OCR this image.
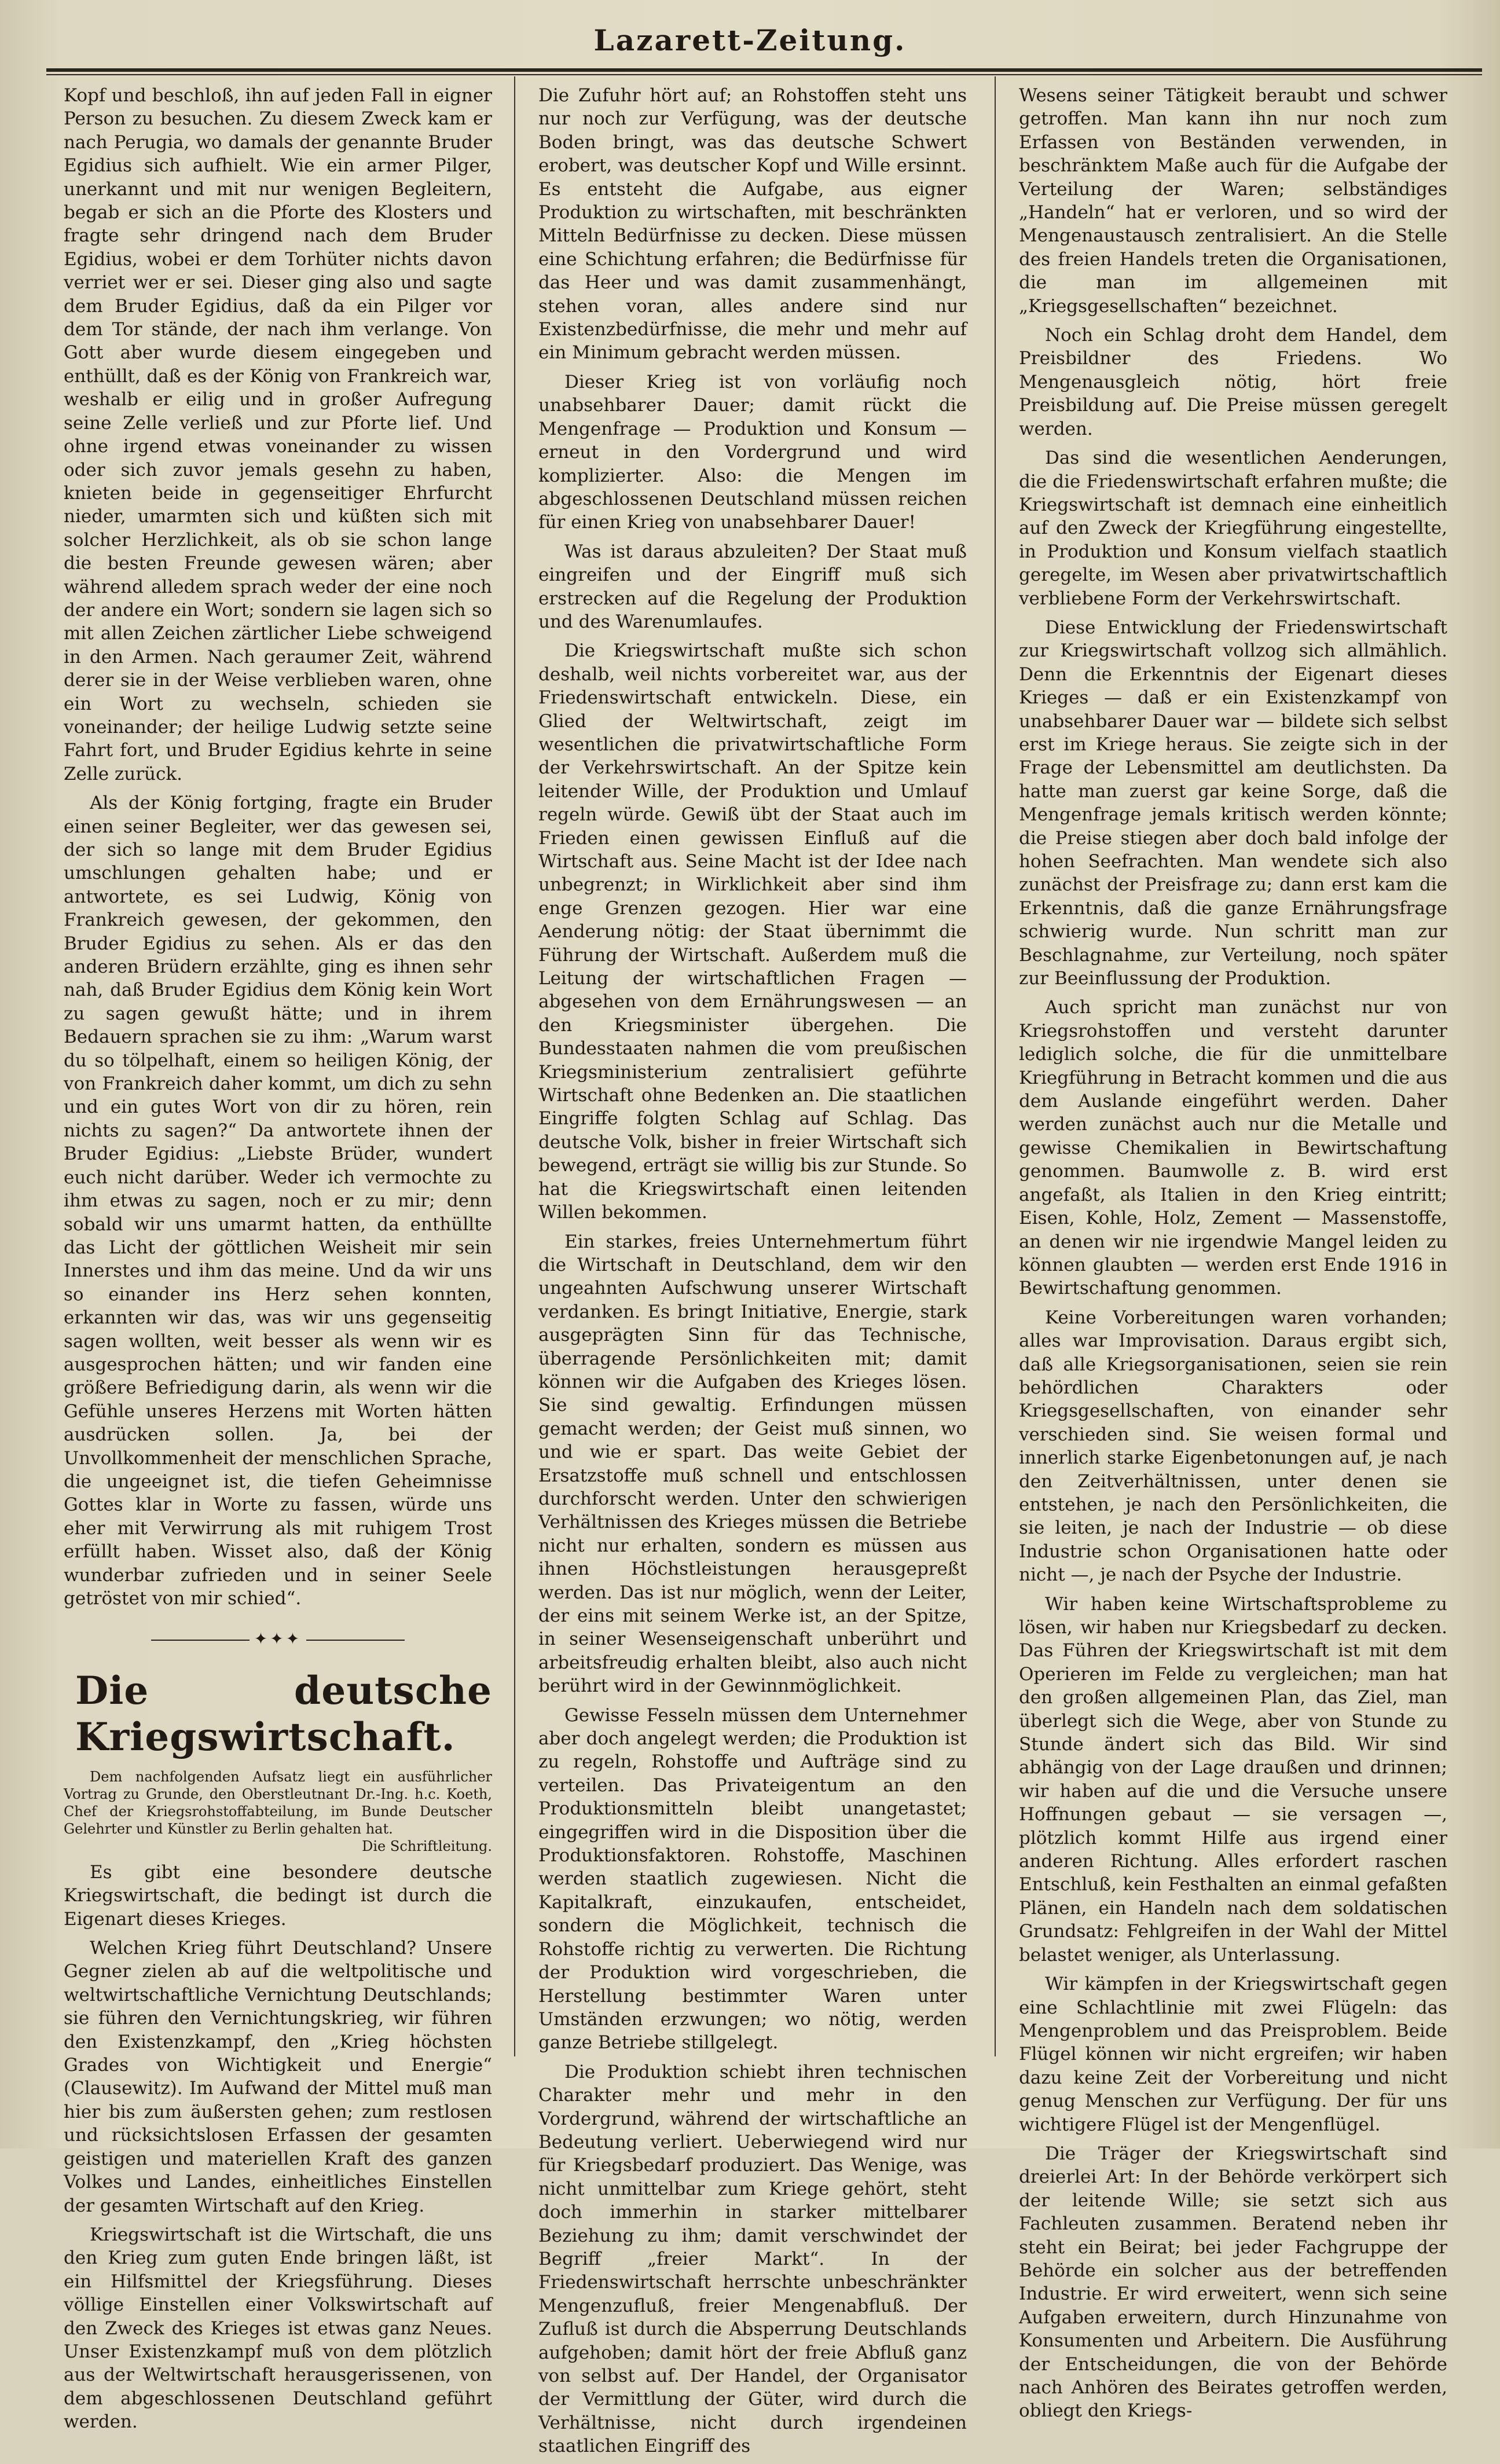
Lazarett-Zeitung.

Kopf und beschloß, ihn auf jeden Fall in eigner Person zu besuchen. Zu diesem Zweck kam er nach Perugia, wo damals der genannte Bruder Egidius sich aufhielt. Wie ein armer Pilger, unerkannt und mit nur wenigen Begleitern, begab er sich an die Pforte des Klosters und fragte sehr dringend nach dem Bruder Egidius, wobei er dem Torhüter nichts davon verriet wer er sei. Dieser ging also und sagte dem Bruder Egidius, daß da ein Pilger vor dem Tor stände, der nach ihm verlange. Von Gott aber wurde diesem eingegeben und enthüllt, daß es der König von Frankreich war, weshalb er eilig und in großer Aufregung seine Zelle verließ und zur Pforte lief. Und ohne irgend etwas voneinander zu wissen oder sich zuvor jemals gesehn zu haben, knieten beide in gegenseitiger Ehrfurcht nieder, umarmten sich und küßten sich mit solcher Herzlichkeit, als ob sie schon lange die besten Freunde gewesen wären; aber während alledem sprach weder der eine noch der andere ein Wort; sondern sie lagen sich so mit allen Zeichen zärtlicher Liebe schweigend in den Armen. Nach geraumer Zeit, während derer sie in der Weise verblieben waren, ohne ein Wort zu wechseln, schieden sie voneinander; der heilige Ludwig setzte seine Fahrt fort, und Bruder Egidius kehrte in seine Zelle zurück.

Als der König fortging, fragte ein Bruder einen seiner Begleiter, wer das gewesen sei, der sich so lange mit dem Bruder Egidius umschlungen gehalten habe; und er antwortete, es sei Ludwig, König von Frankreich gewesen, der gekommen, den Bruder Egidius zu sehen. Als er das den anderen Brüdern erzählte, ging es ihnen sehr nah, daß Bruder Egidius dem König kein Wort zu sagen gewußt hätte; und in ihrem Bedauern sprachen sie zu ihm: „Warum warst du so tölpelhaft, einem so heiligen König, der von Frankreich daher kommt, um dich zu sehn und ein gutes Wort von dir zu hören, rein nichts zu sagen?“ Da antwortete ihnen der Bruder Egidius: „Liebste Brüder, wundert euch nicht darüber. Weder ich vermochte zu ihm etwas zu sagen, noch er zu mir; denn sobald wir uns umarmt hatten, da enthüllte das Licht der göttlichen Weisheit mir sein Innerstes und ihm das meine. Und da wir uns so einander ins Herz sehen konnten, erkannten wir das, was wir uns gegenseitig sagen wollten, weit besser als wenn wir es ausgesprochen hätten; und wir fanden eine größere Befriedigung darin, als wenn wir die Gefühle unseres Herzens mit Worten hätten ausdrücken sollen. Ja, bei der Unvollkommenheit der menschlichen Sprache, die ungeeignet ist, die tiefen Geheimnisse Gottes klar in Worte zu fassen, würde uns eher mit Verwirrung als mit ruhigem Trost erfüllt haben. Wisset also, daß der König wunderbar zufrieden und in seiner Seele getröstet von mir schied“.

✦✦✦
Die deutsche Kriegswirtschaft.

Dem nachfolgenden Aufsatz liegt ein ausführlicher Vortrag zu Grunde, den Oberstleutnant Dr.-Ing. h.c. Koeth, Chef der Kriegsrohstoffabteilung, im Bunde Deutscher Gelehrter und Künstler zu Berlin gehalten hat.
Die Schriftleitung.

Es gibt eine besondere deutsche Kriegswirtschaft, die bedingt ist durch die Eigenart dieses Krieges.

Welchen Krieg führt Deutschland? Unsere Gegner zielen ab auf die weltpolitische und weltwirtschaftliche Vernichtung Deutschlands; sie führen den Vernichtungskrieg, wir führen den Existenzkampf, den „Krieg höchsten Grades von Wichtigkeit und Energie“ (Clausewitz). Im Aufwand der Mittel muß man hier bis zum äußersten gehen; zum restlosen und rücksichtslosen Erfassen der gesamten geistigen und materiellen Kraft des ganzen Volkes und Landes, einheitliches Einstellen der gesamten Wirtschaft auf den Krieg.

Kriegswirtschaft ist die Wirtschaft, die uns den Krieg zum guten Ende bringen läßt, ist ein Hilfsmittel der Kriegsführung. Dieses völlige Einstellen einer Volkswirtschaft auf den Zweck des Krieges ist etwas ganz Neues. Unser Existenzkampf muß von dem plötzlich aus der Weltwirtschaft herausgerissenen, von dem abgeschlossenen Deutschland geführt werden.

Die Zufuhr hört auf; an Rohstoffen steht uns nur noch zur Verfügung, was der deutsche Boden bringt, was das deutsche Schwert erobert, was deutscher Kopf und Wille ersinnt. Es entsteht die Aufgabe, aus eigner Produktion zu wirtschaften, mit beschränkten Mitteln Bedürfnisse zu decken. Diese müssen eine Schichtung erfahren; die Bedürfnisse für das Heer und was damit zusammenhängt, stehen voran, alles andere sind nur Existenzbedürfnisse, die mehr und mehr auf ein Minimum gebracht werden müssen.

Dieser Krieg ist von vorläufig noch unabsehbarer Dauer; damit rückt die Mengenfrage — Produktion und Konsum — erneut in den Vordergrund und wird komplizierter. Also: die Mengen im abgeschlossenen Deutschland müssen reichen für einen Krieg von unabsehbarer Dauer!

Was ist daraus abzuleiten? Der Staat muß eingreifen und der Eingriff muß sich erstrecken auf die Regelung der Produktion und des Warenumlaufes.

Die Kriegswirtschaft mußte sich schon deshalb, weil nichts vorbereitet war, aus der Friedenswirtschaft entwickeln. Diese, ein Glied der Weltwirtschaft, zeigt im wesentlichen die privatwirtschaftliche Form der Verkehrswirtschaft. An der Spitze kein leitender Wille, der Produktion und Umlauf regeln würde. Gewiß übt der Staat auch im Frieden einen gewissen Einfluß auf die Wirtschaft aus. Seine Macht ist der Idee nach unbegrenzt; in Wirklichkeit aber sind ihm enge Grenzen gezogen. Hier war eine Aenderung nötig: der Staat übernimmt die Führung der Wirtschaft. Außerdem muß die Leitung der wirtschaftlichen Fragen — abgesehen von dem Ernährungswesen — an den Kriegsminister übergehen. Die Bundesstaaten nahmen die vom preußischen Kriegsministerium zentralisiert geführte Wirtschaft ohne Bedenken an. Die staatlichen Eingriffe folgten Schlag auf Schlag. Das deutsche Volk, bisher in freier Wirtschaft sich bewegend, erträgt sie willig bis zur Stunde. So hat die Kriegswirtschaft einen leitenden Willen bekommen.

Ein starkes, freies Unternehmertum führt die Wirtschaft in Deutschland, dem wir den ungeahnten Aufschwung unserer Wirtschaft verdanken. Es bringt Initiative, Energie, stark ausgeprägten Sinn für das Technische, überragende Persönlichkeiten mit; damit können wir die Aufgaben des Krieges lösen. Sie sind gewaltig. Erfindungen müssen gemacht werden; der Geist muß sinnen, wo und wie er spart. Das weite Gebiet der Ersatzstoffe muß schnell und entschlossen durchforscht werden. Unter den schwierigen Verhältnissen des Krieges müssen die Betriebe nicht nur erhalten, sondern es müssen aus ihnen Höchstleistungen herausgepreßt werden. Das ist nur möglich, wenn der Leiter, der eins mit seinem Werke ist, an der Spitze, in seiner Wesenseigenschaft unberührt und arbeitsfreudig erhalten bleibt, also auch nicht berührt wird in der Gewinnmöglichkeit.

Gewisse Fesseln müssen dem Unternehmer aber doch angelegt werden; die Produktion ist zu regeln, Rohstoffe und Aufträge sind zu verteilen. Das Privateigentum an den Produktionsmitteln bleibt unangetastet; eingegriffen wird in die Disposition über die Produktionsfaktoren. Rohstoffe, Maschinen werden staatlich zugewiesen. Nicht die Kapitalkraft, einzukaufen, entscheidet, sondern die Möglichkeit, technisch die Rohstoffe richtig zu verwerten. Die Richtung der Produktion wird vorgeschrieben, die Herstellung bestimmter Waren unter Umständen erzwungen; wo nötig, werden ganze Betriebe stillgelegt.

Die Produktion schiebt ihren technischen Charakter mehr und mehr in den Vordergrund, während der wirtschaftliche an Bedeutung verliert. Ueberwiegend wird nur für Kriegsbedarf produziert. Das Wenige, was nicht unmittelbar zum Kriege gehört, steht doch immerhin in starker mittelbarer Beziehung zu ihm; damit verschwindet der Begriff „freier Markt“. In der Friedenswirtschaft herrschte unbeschränkter Mengenzufluß, freier Mengenabfluß. Der Zufluß ist durch die Absperrung Deutschlands aufgehoben; damit hört der freie Abfluß ganz von selbst auf. Der Handel, der Organisator der Vermittlung der Güter, wird durch die Verhältnisse, nicht durch irgendeinen staatlichen Eingriff des

Wesens seiner Tätigkeit beraubt und schwer getroffen. Man kann ihn nur noch zum Erfassen von Beständen verwenden, in beschränktem Maße auch für die Aufgabe der Verteilung der Waren; selbständiges „Handeln“ hat er verloren, und so wird der Mengenaustausch zentralisiert. An die Stelle des freien Handels treten die Organisationen, die man im allgemeinen mit „Kriegsgesellschaften“ bezeichnet.

Noch ein Schlag droht dem Handel, dem Preisbildner des Friedens. Wo Mengenausgleich nötig, hört freie Preisbildung auf. Die Preise müssen geregelt werden.

Das sind die wesentlichen Aenderungen, die die Friedenswirtschaft erfahren mußte; die Kriegswirtschaft ist demnach eine einheitlich auf den Zweck der Kriegführung eingestellte, in Produktion und Konsum vielfach staatlich geregelte, im Wesen aber privatwirtschaftlich verbliebene Form der Verkehrswirtschaft.

Diese Entwicklung der Friedenswirtschaft zur Kriegswirtschaft vollzog sich allmählich. Denn die Erkenntnis der Eigenart dieses Krieges — daß er ein Existenzkampf von unabsehbarer Dauer war — bildete sich selbst erst im Kriege heraus. Sie zeigte sich in der Frage der Lebensmittel am deutlichsten. Da hatte man zuerst gar keine Sorge, daß die Mengenfrage jemals kritisch werden könnte; die Preise stiegen aber doch bald infolge der hohen Seefrachten. Man wendete sich also zunächst der Preisfrage zu; dann erst kam die Erkenntnis, daß die ganze Ernährungsfrage schwierig wurde. Nun schritt man zur Beschlagnahme, zur Verteilung, noch später zur Beeinflussung der Produktion.

Auch spricht man zunächst nur von Kriegsrohstoffen und versteht darunter lediglich solche, die für die unmittelbare Kriegführung in Betracht kommen und die aus dem Auslande eingeführt werden. Daher werden zunächst auch nur die Metalle und gewisse Chemikalien in Bewirtschaftung genommen. Baumwolle z. B. wird erst angefaßt, als Italien in den Krieg eintritt; Eisen, Kohle, Holz, Zement — Massenstoffe, an denen wir nie irgendwie Mangel leiden zu können glaubten — werden erst Ende 1916 in Bewirtschaftung genommen.

Keine Vorbereitungen waren vorhanden; alles war Improvisation. Daraus ergibt sich, daß alle Kriegsorganisationen, seien sie rein behördlichen Charakters oder Kriegsgesellschaften, von einander sehr verschieden sind. Sie weisen formal und innerlich starke Eigenbetonungen auf, je nach den Zeitverhältnissen, unter denen sie entstehen, je nach den Persönlichkeiten, die sie leiten, je nach der Industrie — ob diese Industrie schon Organisationen hatte oder nicht —, je nach der Psyche der Industrie.

Wir haben keine Wirtschaftsprobleme zu lösen, wir haben nur Kriegsbedarf zu decken. Das Führen der Kriegswirtschaft ist mit dem Operieren im Felde zu vergleichen; man hat den großen allgemeinen Plan, das Ziel, man überlegt sich die Wege, aber von Stunde zu Stunde ändert sich das Bild. Wir sind abhängig von der Lage draußen und drinnen; wir haben auf die und die Versuche unsere Hoffnungen gebaut — sie versagen —, plötzlich kommt Hilfe aus irgend einer anderen Richtung. Alles erfordert raschen Entschluß, kein Festhalten an einmal gefaßten Plänen, ein Handeln nach dem soldatischen Grundsatz: Fehlgreifen in der Wahl der Mittel belastet weniger, als Unterlassung.

Wir kämpfen in der Kriegswirtschaft gegen eine Schlachtlinie mit zwei Flügeln: das Mengenproblem und das Preisproblem. Beide Flügel können wir nicht ergreifen; wir haben dazu keine Zeit der Vorbereitung und nicht genug Menschen zur Verfügung. Der für uns wichtigere Flügel ist der Mengenflügel.

Die Träger der Kriegswirtschaft sind dreierlei Art: In der Behörde verkörpert sich der leitende Wille; sie setzt sich aus Fachleuten zusammen. Beratend neben ihr steht ein Beirat; bei jeder Fachgruppe der Behörde ein solcher aus der betreffenden Industrie. Er wird erweitert, wenn sich seine Aufgaben erweitern, durch Hinzunahme von Konsumenten und Arbeitern. Die Ausführung der Entscheidungen, die von der Behörde nach Anhören des Beirates getroffen werden, obliegt den Kriegs-
